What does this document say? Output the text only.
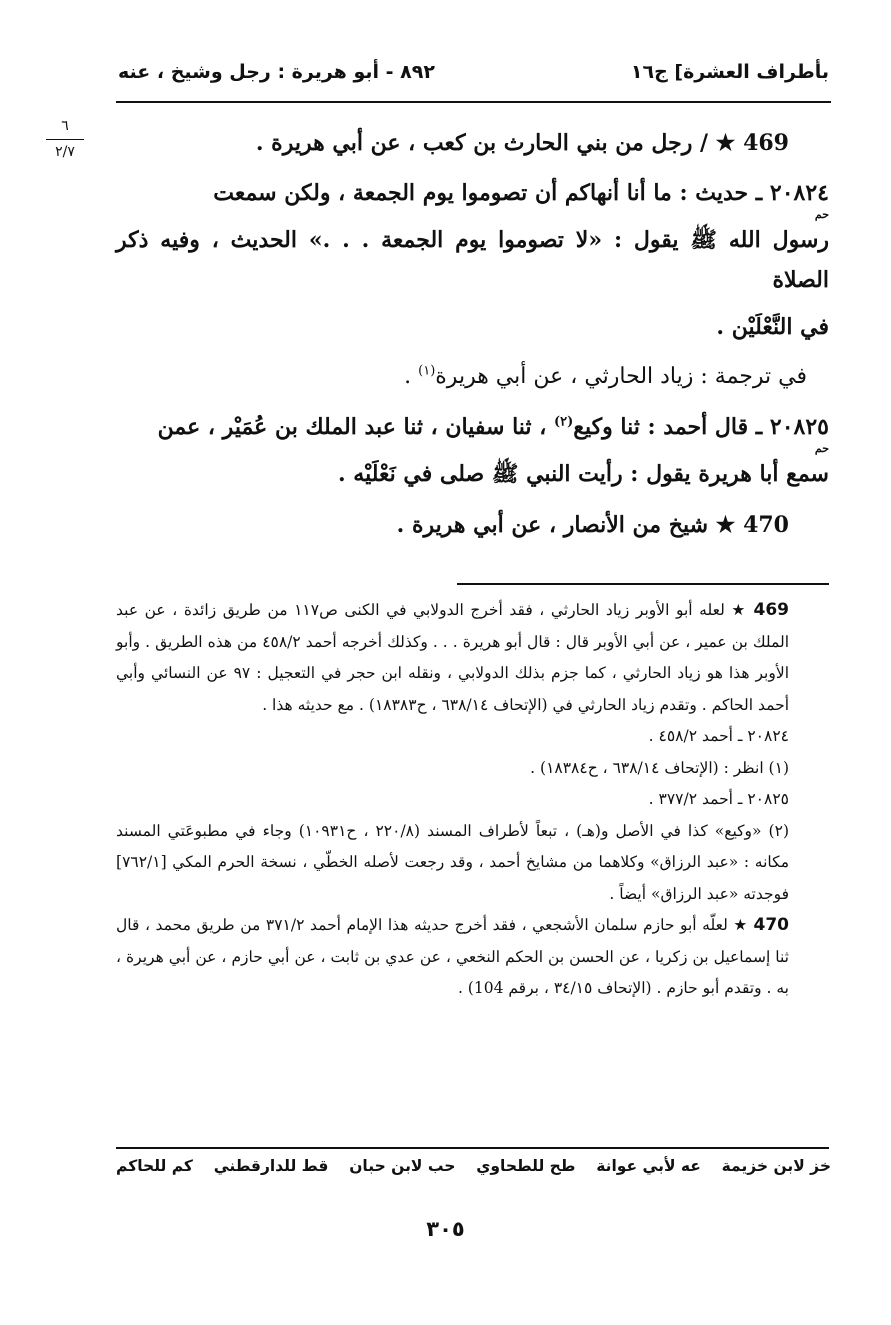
بأطراف العشرة] ج١٦
٨٩٢ - أبو هريرة : رجل وشيخ ، عنه
٦
٢/٧	469 ★ / رجل من بني الحارث بن كعب ، عن أبي هريرة .

٢٠٨٢٤ ـ حديث : ما أنا أنهاكم أن تصوموا يوم الجمعة ، ولكن سمعت

حم
رسول الله ﷺ يقول : «لا تصوموا يوم الجمعة . . .» الحديث ، وفيه ذكر الصلاة

في النَّعْلَيْن .

في ترجمة : زياد الحارثي ، عن أبي هريرة$^{(١)}$ .

٢٠٨٢٥ ـ قال أحمد : ثنا وكيع$^{(٢)}$ ، ثنا سفيان ، ثنا عبد الملك بن عُمَيْر ، عمن

حم
سمع أبا هريرة يقول : رأيت النبي ﷺ صلى في نَعْلَيْه .

470 ★ شيخ من الأنصار ، عن أبي هريرة .

469 ★ لعله أبو الأوبر زياد الحارثي ، فقد أخرج الدولابي في الكنى ص١١٧ من طريق زائدة ، عن عبد الملك بن عمير ، عن أبي الأوبر قال : قال أبو هريرة . . . وكذلك أخرجه أحمد ٤٥٨/٢ من هذه الطريق . وأبو الأوبر هذا هو زياد الحارثي ، كما جزم بذلك الدولابي ، ونقله ابن حجر في التعجيل : ٩٧ عن النسائي وأبي أحمد الحاكم . وتقدم زياد الحارثي في (الإتحاف ٦٣٨/١٤ ، ح١٨٣٨٣) . مع حديثه هذا .

٢٠٨٢٤ ـ أحمد ٤٥٨/٢ .

(١) انظر : (الإتحاف ٦٣٨/١٤ ، ح١٨٣٨٤) .

٢٠٨٢٥ ـ أحمد ٣٧٧/٢ .

(٢) «وكيع» كذا في الأصل و(هـ) ، تبعاً لأطراف المسند (٢٢٠/٨ ، ح١٠٩٣١) وجاء في مطبوعَتي المسند مكانه : «عبد الرزاق» وكلاهما من مشايخ أحمد ، وقد رجعت لأصله الخطّي ، نسخة الحرم المكي [٧٦٢/١] فوجدته «عبد الرزاق» أيضاً .

470 ★ لعلّه أبو حازم سلمان الأشجعي ، فقد أخرج حديثه هذا الإمام أحمد ٣٧١/٢ من طريق محمد ، قال ثنا إسماعيل بن زكريا ، عن الحسن بن الحكم النخعي ، عن عدي بن ثابت ، عن أبي حازم ، عن أبي هريرة ، به . وتقدم أبو حازم . (الإتحاف ٣٤/١٥ ، برقم 104) .

خز لابن خزيمة
عه لأبي عوانة
طح للطحاوي
حب لابن حبان
قط للدارقطني
كم للحاكم
٣٠٥
